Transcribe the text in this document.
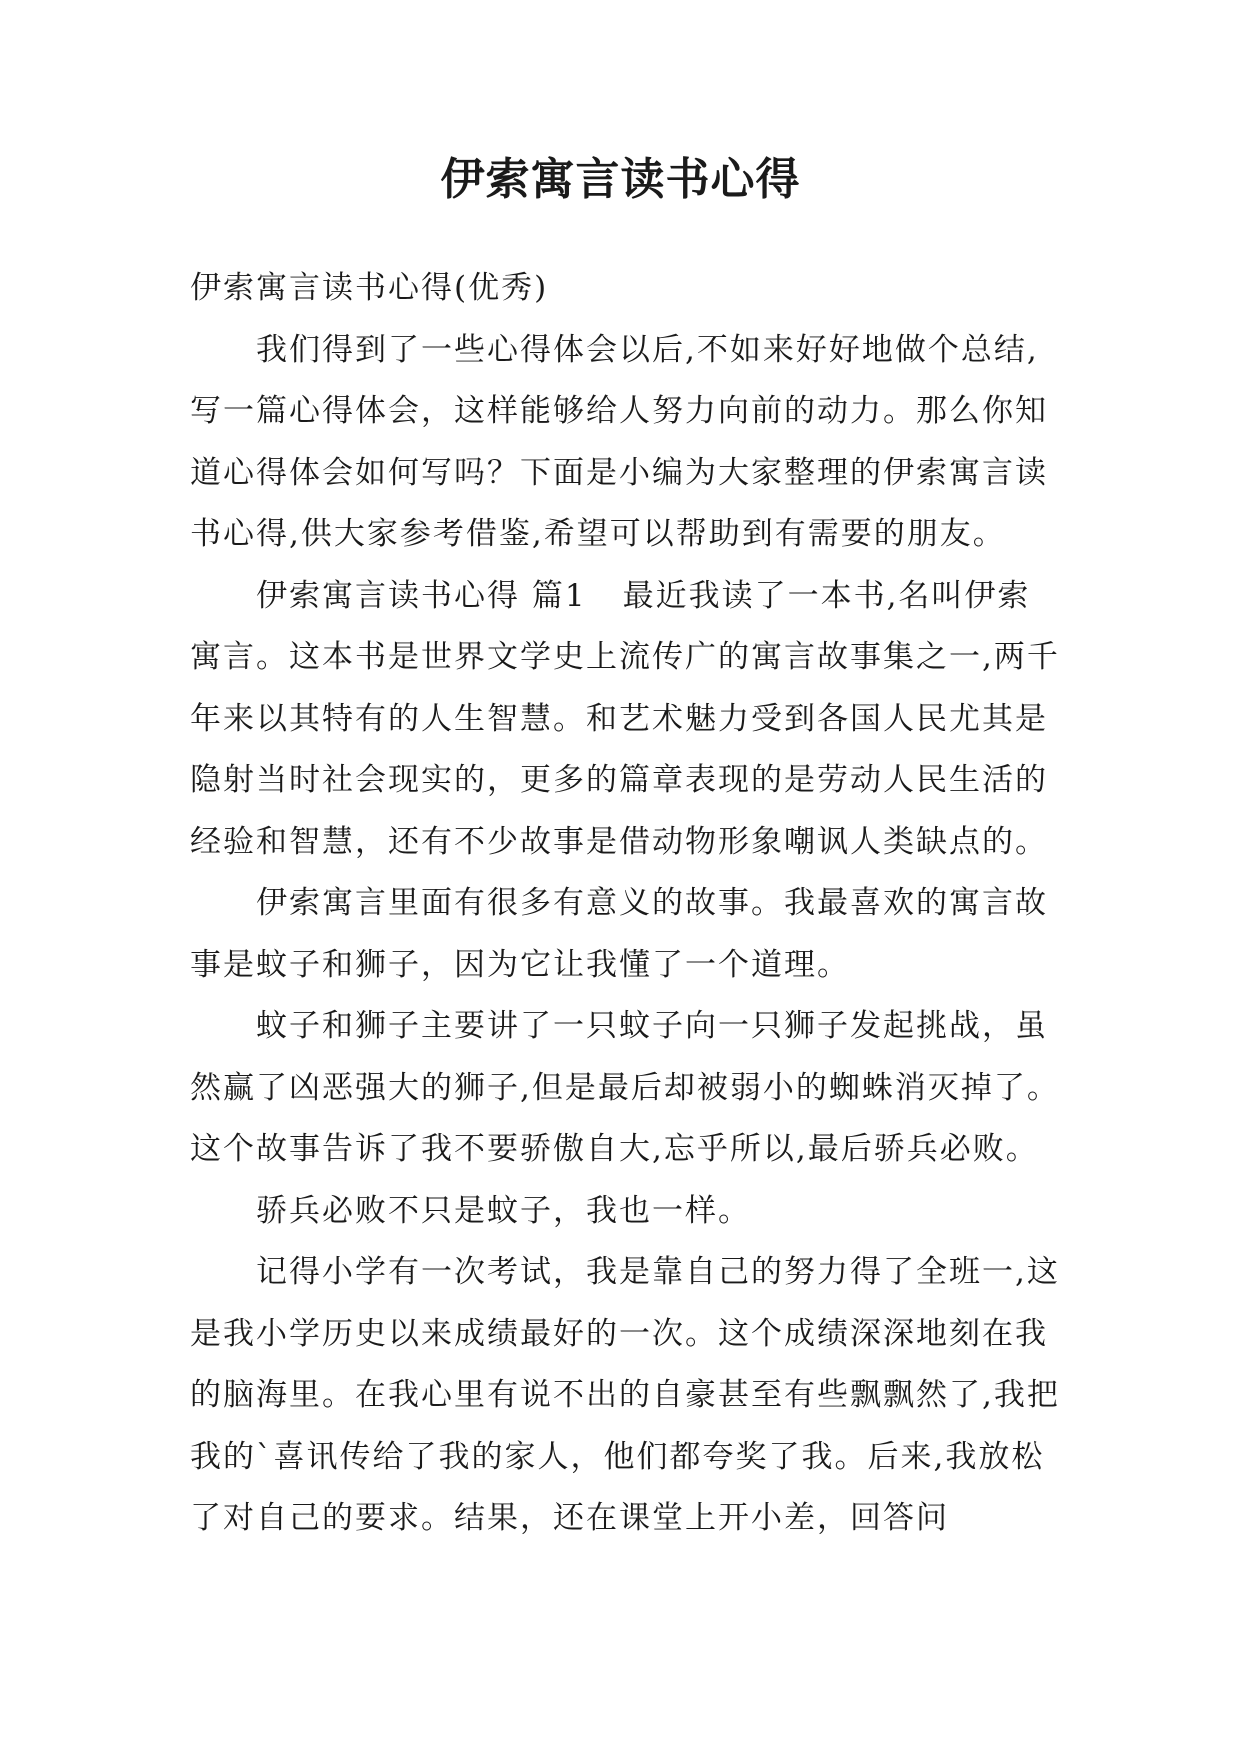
伊索寓言读书心得

伊索寓言读书心得(优秀)

我们得到了一些心得体会以后,不如来好好地做个总结,写一篇心得体会，这样能够给人努力向前的动力。那么你知道心得体会如何写吗？下面是小编为大家整理的伊索寓言读书心得,供大家参考借鉴,希望可以帮助到有需要的朋友。

伊索寓言读书心得 篇1 最近我读了一本书,名叫伊索寓言。这本书是世界文学史上流传广的寓言故事集之一,两千年来以其特有的人生智慧。和艺术魅力受到各国人民尤其是隐射当时社会现实的，更多的篇章表现的是劳动人民生活的经验和智慧，还有不少故事是借动物形象嘲讽人类缺点的。

伊索寓言里面有很多有意义的故事。我最喜欢的寓言故事是蚊子和狮子，因为它让我懂了一个道理。

蚊子和狮子主要讲了一只蚊子向一只狮子发起挑战，虽然赢了凶恶强大的狮子,但是最后却被弱小的蜘蛛消灭掉了。这个故事告诉了我不要骄傲自大,忘乎所以,最后骄兵必败。

骄兵必败不只是蚊子，我也一样。

记得小学有一次考试，我是靠自己的努力得了全班一,这是我小学历史以来成绩最好的一次。这个成绩深深地刻在我的脑海里。在我心里有说不出的自豪甚至有些飘飘然了,我把我的`喜讯传给了我的家人，他们都夸奖了我。后来,我放松了对自己的要求。结果，还在课堂上开小差，回答问
